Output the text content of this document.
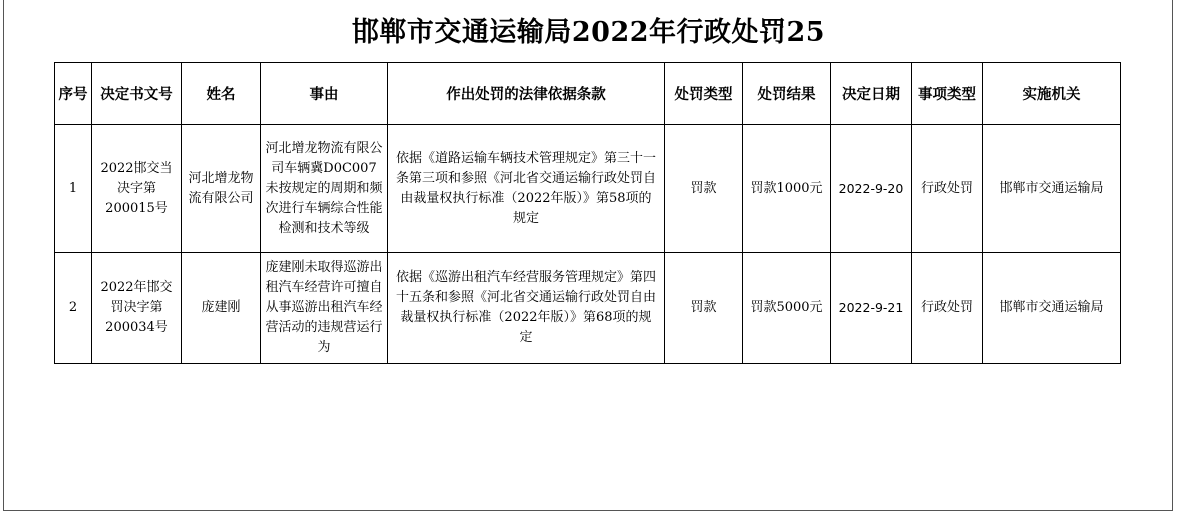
邯郸市交通运输局2022年行政处罚25
序号	决定书文号	姓名	事由	作出处罚的法律依据条款	处罚类型	处罚结果	决定日期	事项类型	实施机关
1	2022邯交当决字第200015号	河北增龙物流有限公司	河北增龙物流有限公司车辆冀D0C007未按规定的周期和频次进行车辆综合性能检测和技术等级	依据《道路运输车辆技术管理规定》第三十一条第三项和参照《河北省交通运输行政处罚自由裁量权执行标准（2022年版）》第58项的规定	罚款	罚款1000元	2022-9-20	行政处罚	邯郸市交通运输局

2	2022年邯交罚决字第200034号	庞建刚	庞建刚未取得巡游出租汽车经营许可擅自从事巡游出租汽车经营活动的违规营运行为	依据《巡游出租汽车经营服务管理规定》第四十五条和参照《河北省交通运输行政处罚自由裁量权执行标准（2022年版）》第68项的规定	罚款	罚款5000元	2022-9-21	行政处罚	邯郸市交通运输局
